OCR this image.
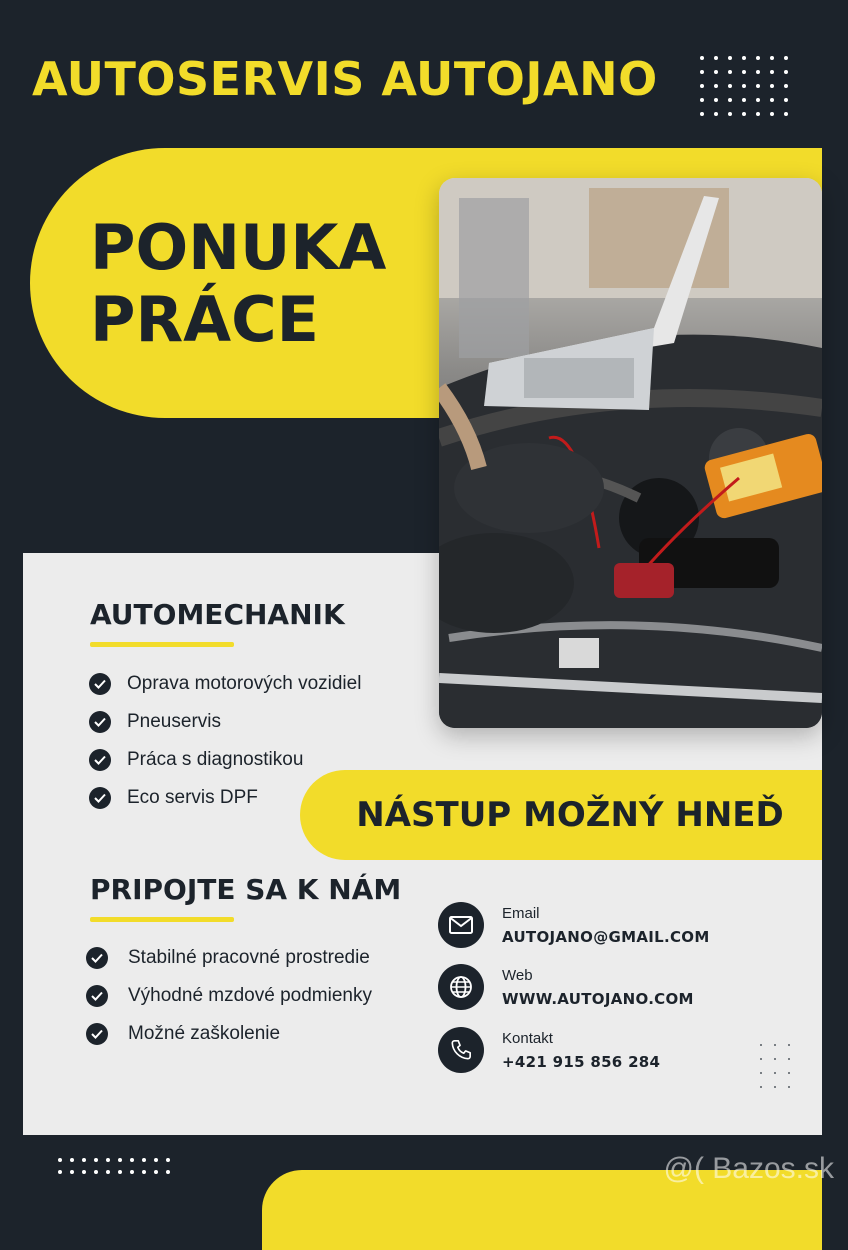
AUTOSERVIS AUTOJANO
PONUKA
PRÁCE
AUTOMECHANIK
Oprava motorových vozidiel
Pneuservis
Práca s diagnostikou
Eco servis DPF	NÁSTUP MOŽNÝ HNEĎ
PRIPOJTE SA K NÁM
Stabilné pracovné prostredie
Výhodné mzdové podmienky
Možné zaškolenie
Email
AUTOJANO@GMAIL.COM
Web
WWW.AUTOJANO.COM
Kontakt
+421 915 856 284
@( Bazos.sk
